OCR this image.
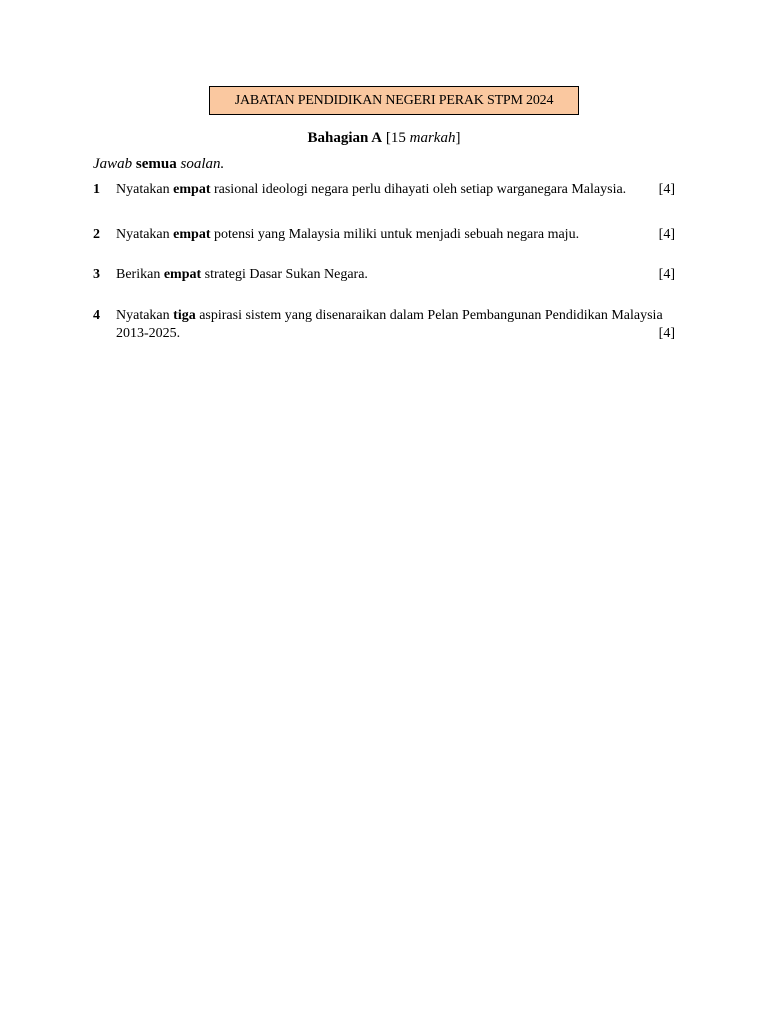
JABATAN PENDIDIKAN NEGERI PERAK STPM 2024
Bahagian A [15 markah]
Jawab semua soalan.
1 Nyatakan empat rasional ideologi negara perlu dihayati oleh setiap warganegara Malaysia.	[4]
2 Nyatakan empat potensi yang Malaysia miliki untuk menjadi sebuah negara maju.	[4]
3 Berikan empat strategi Dasar Sukan Negara.	[4]
4 Nyatakan tiga aspirasi sistem yang disenaraikan dalam Pelan Pembangunan Pendidikan Malaysia 2013-2025.	[4]
